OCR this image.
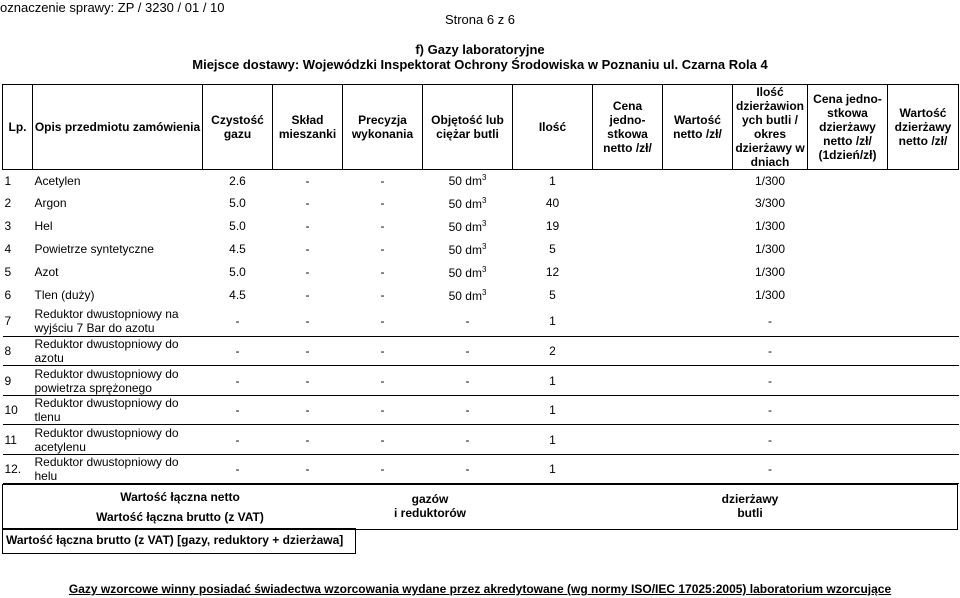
oznaczenie sprawy: ZP / 3230 / 01 / 10
Strona 6 z 6
f) Gazy laboratoryjne
Miejsce dostawy: Wojewódzki Inspektorat Ochrony Środowiska w Poznaniu ul. Czarna Rola 4
Lp.	Opis przedmiotu zamówienia	Czystość gazu	Skład mieszanki	Precyzja wykonania	Objętość lub ciężar butli	Ilość	Cena jedno-stkowa netto /zł/	Wartość netto /zł/	Ilość dzierżawion ych butli / okres dzierżawy w dniach	Cena jedno-stkowa dzierżawy netto /zł/ (1dzień/zł)	Wartość dzierżawy netto /zł/
1	Acetylen	2.6	-	-	50 $dm^3$	1			1/300		
2	Argon	5.0	-	-	50 $dm^3$	40			3/300		
3	Hel	5.0	-	-	50 $dm^3$	19			1/300		
4	Powietrze syntetyczne	4.5	-	-	50 $dm^3$	5			1/300		
5	Azot	5.0	-	-	50 $dm^3$	12			1/300		
6	Tlen (duży)	4.5	-	-	50 $dm^3$	5			1/300		
7	Reduktor dwustopniowy na wyjściu 7 Bar do azotu	-	-	-	-	1			-		
8	Reduktor dwustopniowy do azotu	-	-	-	-	2			-		
9	Reduktor dwustopniowy do powietrza sprężonego	-	-	-	-	1			-		
10	Reduktor dwustopniowy do tlenu	-	-	-	-	1			-		
11	Reduktor dwustopniowy do acetylenu	-	-	-	-	1			-		
12.	Reduktor dwustopniowy do helu	-	-	-	-	1			-		
Wartość łączna netto
Wartość łączna brutto (z VAT)
gazów
i reduktorów
dzierżawy
butli
Wartość łączna brutto (z VAT) [gazy, reduktory + dzierżawa]
Gazy wzorcowe winny posiadać świadectwa wzorcowania wydane przez akredytowane (wg normy ISO/IEC 17025:2005) laboratorium wzorcujące
